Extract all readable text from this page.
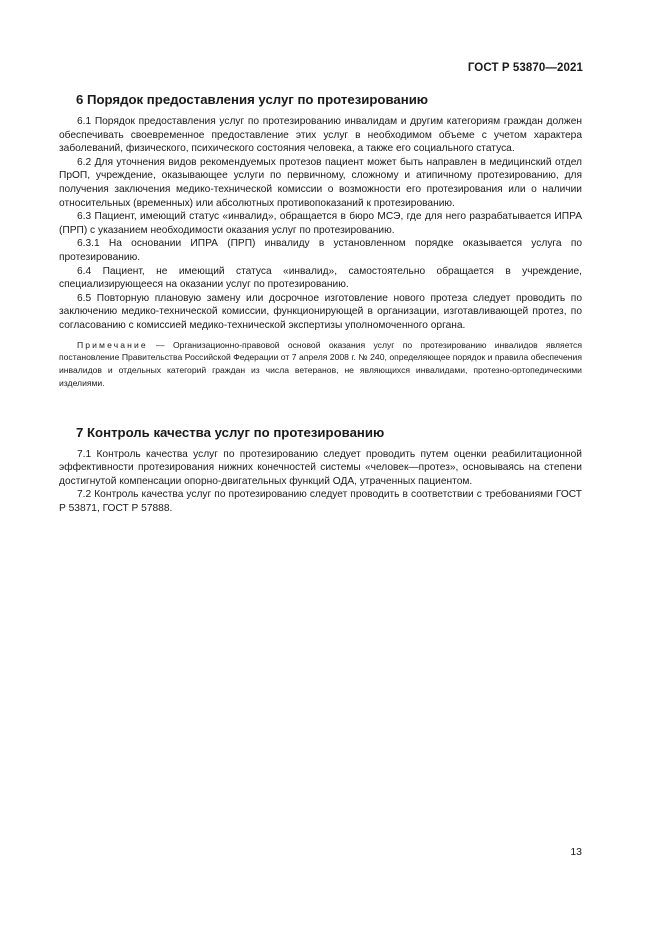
ГОСТ Р 53870—2021
6 Порядок предоставления услуг по протезированию

6.1 Порядок предоставления услуг по протезированию инвалидам и другим категориям граждан должен обеспечивать своевременное предоставление этих услуг в необходимом объеме с учетом характера заболеваний, физического, психического состояния человека, а также его социального статуса.

6.2 Для уточнения видов рекомендуемых протезов пациент может быть направлен в медицинский отдел ПрОП, учреждение, оказывающее услуги по первичному, сложному и атипичному протезированию, для получения заключения медико-технической комиссии о возможности его протезирования или о наличии относительных (временных) или абсолютных противопоказаний к протезированию.

6.3 Пациент, имеющий статус «инвалид», обращается в бюро МСЭ, где для него разрабатывается ИПРА (ПРП) с указанием необходимости оказания услуг по протезированию.

6.3.1 На основании ИПРА (ПРП) инвалиду в установленном порядке оказывается услуга по протезированию.

6.4 Пациент, не имеющий статуса «инвалид», самостоятельно обращается в учреждение, специализирующееся на оказании услуг по протезированию.

6.5 Повторную плановую замену или досрочное изготовление нового протеза следует проводить по заключению медико-технической комиссии, функционирующей в организации, изготавливающей протез, по согласованию с комиссией медико-технической экспертизы уполномоченного органа.

Примечание — Организационно-правовой основой оказания услуг по протезированию инвалидов является постановление Правительства Российской Федерации от 7 апреля 2008 г. № 240, определяющее порядок и правила обеспечения инвалидов и отдельных категорий граждан из числа ветеранов, не являющихся инвалидами, протезно-ортопедическими изделиями.

7 Контроль качества услуг по протезированию

7.1 Контроль качества услуг по протезированию следует проводить путем оценки реабилитационной эффективности протезирования нижних конечностей системы «человек—протез», основываясь на степени достигнутой компенсации опорно-двигательных функций ОДА, утраченных пациентом.

7.2 Контроль качества услуг по протезированию следует проводить в соответствии с требованиями ГОСТ Р 53871, ГОСТ Р 57888.

13
